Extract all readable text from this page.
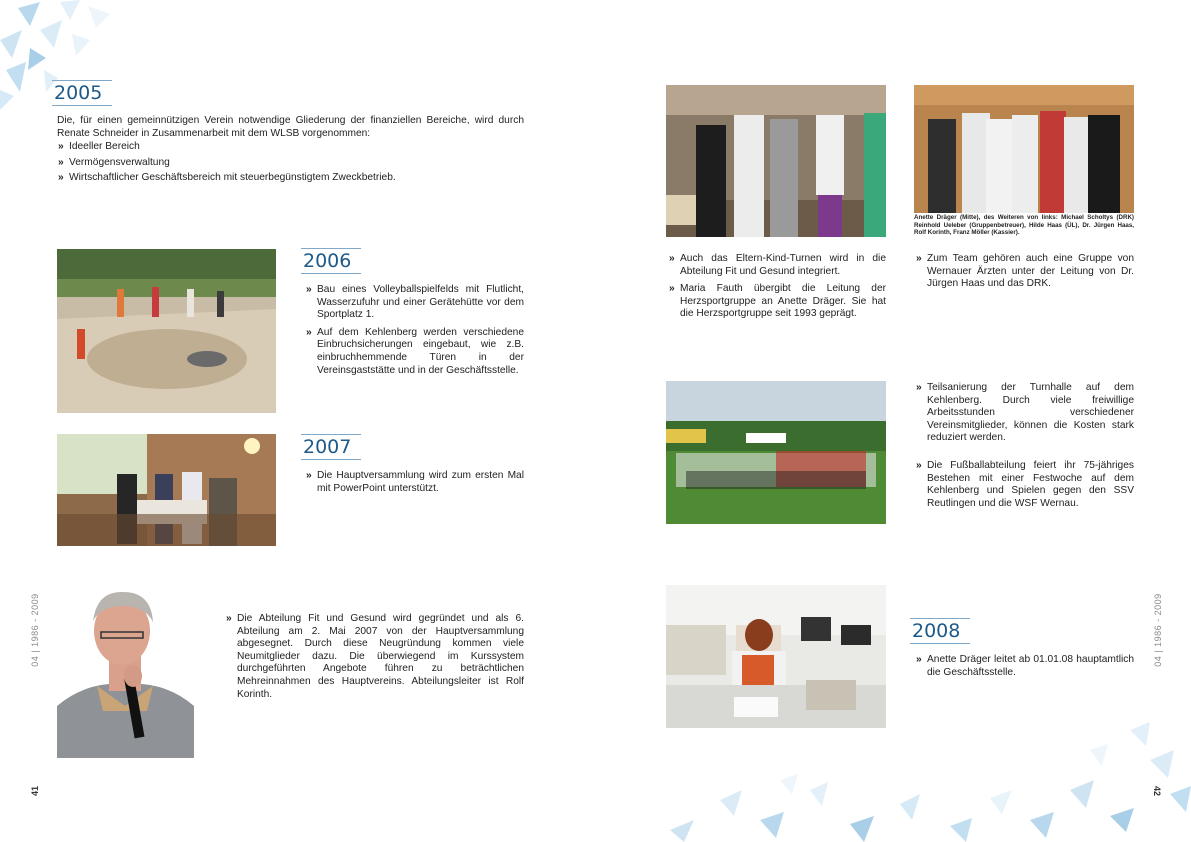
2005

Die, für einen gemeinnützigen Verein notwendige Gliederung der finanziellen Bereiche, wird durch Renate Schneider in Zusammenarbeit mit dem WLSB vorgenommen:

» Ideeller Bereich
» Vermögensverwaltung
» Wirtschaftlicher Geschäftsbereich mit steuerbegünstigtem Zweckbetrieb.
2006
» Bau eines Volleyballspielfelds mit Flutlicht, Wasserzufuhr und einer Gerätehütte vor dem Sportplatz 1.
» Auf dem Kehlenberg werden verschiedene Einbruchsicherungen eingebaut, wie z.B. einbruchhemmende Türen in der Vereinsgaststätte und in der Geschäftsstelle.
2007
» Die Hauptversammlung wird zum ersten Mal mit PowerPoint unterstützt.
» Die Abteilung Fit und Gesund wird gegründet und als 6. Abteilung am 2. Mai 2007 von der Hauptversammlung abgesegnet. Durch diese Neugründung kommen viele Neumitglieder dazu. Die überwiegend im Kurssystem durchgeführten Angebote führen zu beträchtlichen Mehreinnahmen des Hauptvereins. Abteilungsleiter ist Rolf Korinth.
04 | 1986 - 2009
41
Anette Dräger (Mitte), des Weiteren von links: Michael Scholtys (DRK) Reinhold Ueleber (Gruppenbetreuer), Hilde Haas (ÜL), Dr. Jürgen Haas, Rolf Korinth, Franz Möller (Kassier).
» Auch das Eltern-Kind-Turnen wird in die Abteilung Fit und Gesund integriert.
» Maria Fauth übergibt die Leitung der Herzsportgruppe an Anette Dräger. Sie hat die Herzsportgruppe seit 1993 geprägt.
» Zum Team gehören auch eine Gruppe von Wernauer Ärzten unter der Leitung von Dr. Jürgen Haas und das DRK.
» Teilsanierung der Turnhalle auf dem Kehlenberg. Durch viele freiwillige Arbeitsstunden verschiedener Vereinsmitglieder, können die Kosten stark reduziert werden.
» Die Fußballabteilung feiert ihr 75-jähriges Bestehen mit einer Festwoche auf dem Kehlenberg und Spielen gegen den SSV Reutlingen und die WSF Wernau.
2008
» Anette Dräger leitet ab 01.01.08 hauptamtlich die Geschäftsstelle.
04 | 1986 - 2009
42
